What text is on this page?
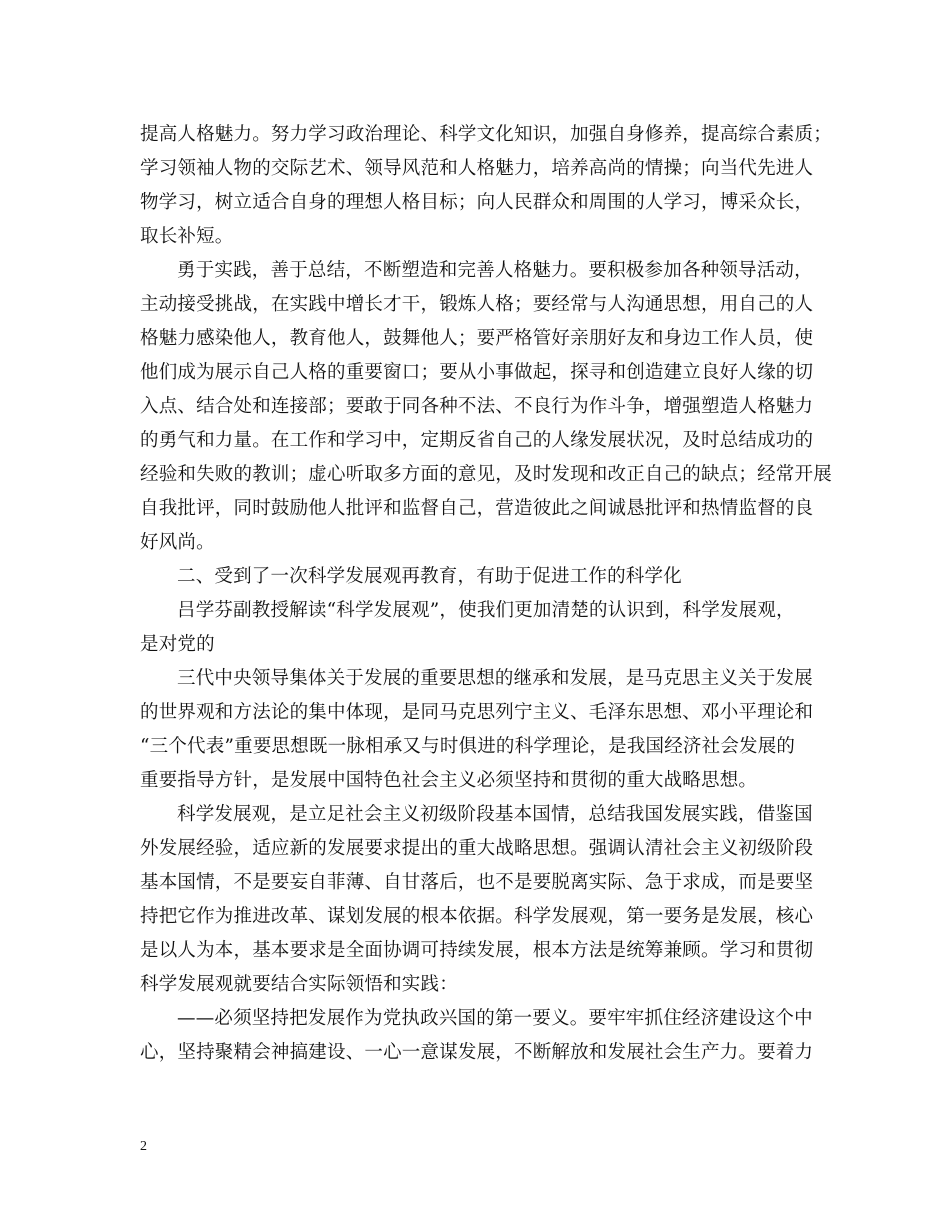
提高人格魅力。努力学习政治理论、科学文化知识，加强自身修养，提高综合素质；
学习领袖人物的交际艺术、领导风范和人格魅力，培养高尚的情操；向当代先进人
物学习，树立适合自身的理想人格目标；向人民群众和周围的人学习，博采众长，
取长补短。
勇于实践，善于总结，不断塑造和完善人格魅力。要积极参加各种领导活动，
主动接受挑战，在实践中增长才干，锻炼人格；要经常与人沟通思想，用自己的人
格魅力感染他人，教育他人，鼓舞他人；要严格管好亲朋好友和身边工作人员，使
他们成为展示自己人格的重要窗口；要从小事做起，探寻和创造建立良好人缘的切
入点、结合处和连接部；要敢于同各种不法、不良行为作斗争，增强塑造人格魅力
的勇气和力量。在工作和学习中，定期反省自己的人缘发展状况，及时总结成功的
经验和失败的教训；虚心听取多方面的意见，及时发现和改正自己的缺点；经常开展
自我批评，同时鼓励他人批评和监督自己，营造彼此之间诚恳批评和热情监督的良
好风尚。
二、受到了一次科学发展观再教育，有助于促进工作的科学化
吕学芬副教授解读“科学发展观”，使我们更加清楚的认识到，科学发展观，
是对党的
三代中央领导集体关于发展的重要思想的继承和发展，是马克思主义关于发展
的世界观和方法论的集中体现，是同马克思列宁主义、毛泽东思想、邓小平理论和
“三个代表”重要思想既一脉相承又与时俱进的科学理论，是我国经济社会发展的
重要指导方针，是发展中国特色社会主义必须坚持和贯彻的重大战略思想。
科学发展观，是立足社会主义初级阶段基本国情，总结我国发展实践，借鉴国
外发展经验，适应新的发展要求提出的重大战略思想。强调认清社会主义初级阶段
基本国情，不是要妄自菲薄、自甘落后，也不是要脱离实际、急于求成，而是要坚
持把它作为推进改革、谋划发展的根本依据。科学发展观，第一要务是发展，核心
是以人为本，基本要求是全面协调可持续发展，根本方法是统筹兼顾。学习和贯彻
科学发展观就要结合实际领悟和实践：
——必须坚持把发展作为党执政兴国的第一要义。要牢牢抓住经济建设这个中
心，坚持聚精会神搞建设、一心一意谋发展，不断解放和发展社会生产力。要着力
2
